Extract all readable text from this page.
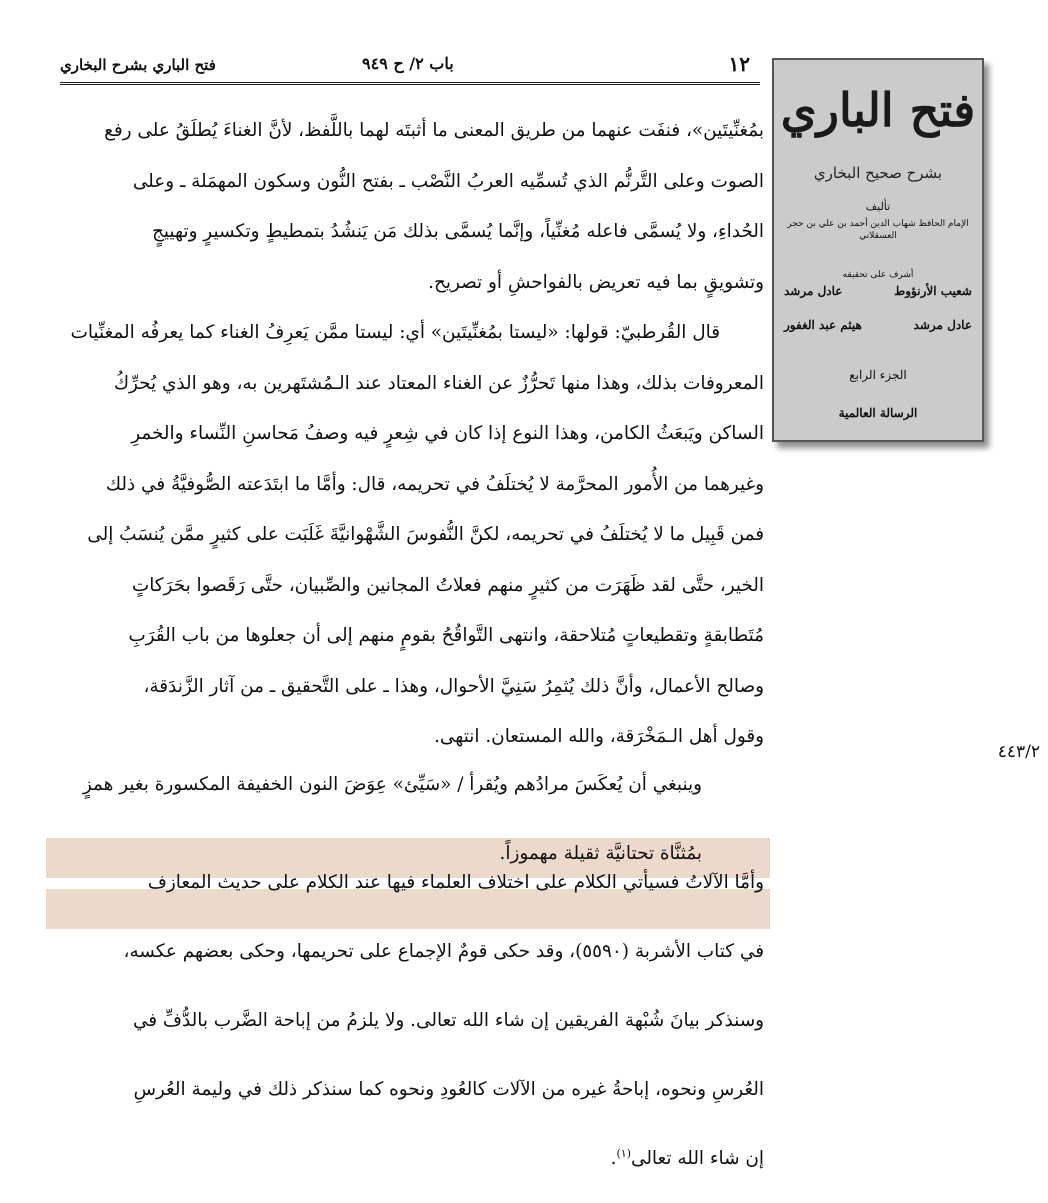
فتح الباري بشرح البخاري	باب ٢/ ح ٩٤٩	١٢

بمُغنِّيتَين»، فنفَت عنهما من طريق المعنى ما أثبتَه لهما باللَّفظ، لأنَّ الغناءَ يُطلَقُ على رفع

الصوت وعلى التَّرنُّم الذي تُسمِّيه العربُ النَّصْب ـ بفتح النُّون وسكون المهمَلة ـ وعلى

الحُداءِ، ولا يُسمَّى فاعله مُغنِّياً، وإنَّما يُسمَّى بذلك مَن يَنشُدُ بتمطيطٍ وتكسيرٍ وتهييجٍ

وتشويقٍ بما فيه تعريض بالفواحشِ أو تصريح.

قال القُرطبيّ: قولها: «ليستا بمُغنِّيتَين» أي: ليستا ممَّن يَعرِفُ الغناء كما يعرفُه المغنِّيات

المعروفات بذلك، وهذا منها تَحرُّزٌ عن الغناء المعتاد عند الـمُشتَهرين به، وهو الذي يُحرِّكُ

الساكن ويَبعَثُ الكامن، وهذا النوع إذا كان في شِعرٍ فيه وصفُ مَحاسنِ النِّساء والخمرِ

وغيرهما من الأُمور المحرَّمة لا يُختلَفُ في تحريمه، قال: وأمَّا ما ابتَدَعته الصُّوفيَّةُ في ذلك

فمن قَبِيل ما لا يُختلَفُ في تحريمه، لكنَّ النُّفوسَ الشَّهْوانيَّةَ غَلَبَت على كثيرٍ ممَّن يُنسَبُ إلى

الخير، حتَّى لقد ظَهَرَت من كثيرٍ منهم فعلاتُ المجانين والصِّبيان، حتَّى رَقَصوا بحَرَكاتٍ

مُتَطابقةٍ وتقطيعاتٍ مُتلاحقة، وانتهى التَّواقُحُ بقومٍ منهم إلى أن جعلوها من باب القُرَبِ

وصالح الأعمال، وأنَّ ذلك يُثمِرُ سَنِيَّ الأحوال، وهذا ـ على التَّحقيق ـ من آثار الزَّندَقة،

وقول أهل الـمَخْرَقة، والله المستعان. انتهى.

٤٤٣/٢

وينبغي أن يُعكَسَ مرادُهم ويُقرأ / «سَيِّئ» عِوَضَ النون الخفيفة المكسورة بغير همزٍ

بمُثنَّاة تحتانيَّة ثقيلة مهموزاً.

وأمَّا الآلاتُ فسيأتي الكلام على اختلاف العلماء فيها عند الكلام على حديث المعازف

في كتاب الأشربة (٥٥٩٠)، وقد حكى قومٌ الإجماع على تحريمها، وحكى بعضهم عكسه،

وسنذكر بيانَ شُبْهة الفريقين إن شاء الله تعالى. ولا يلزمُ من إباحة الضَّرب بالدُّفِّ في

العُرسِ ونحوه، إباحةُ غيره من الآلات كالعُودِ ونحوه كما سنذكر ذلك في وليمة العُرسِ

إن شاء الله تعالى$^{(١)}$.

فتح الباري
بشرح صحيح البخاري
تأليف
الإمام الحافظ شهاب الدين أحمد بن علي بن حجر العسقلاني
أشرف على تحقيقه
شعيب الأرنؤوط
عادل مرشد
عادل مرشد
هيثم عبد الغفور
الجزء الرابع
الرسالة العالمية
